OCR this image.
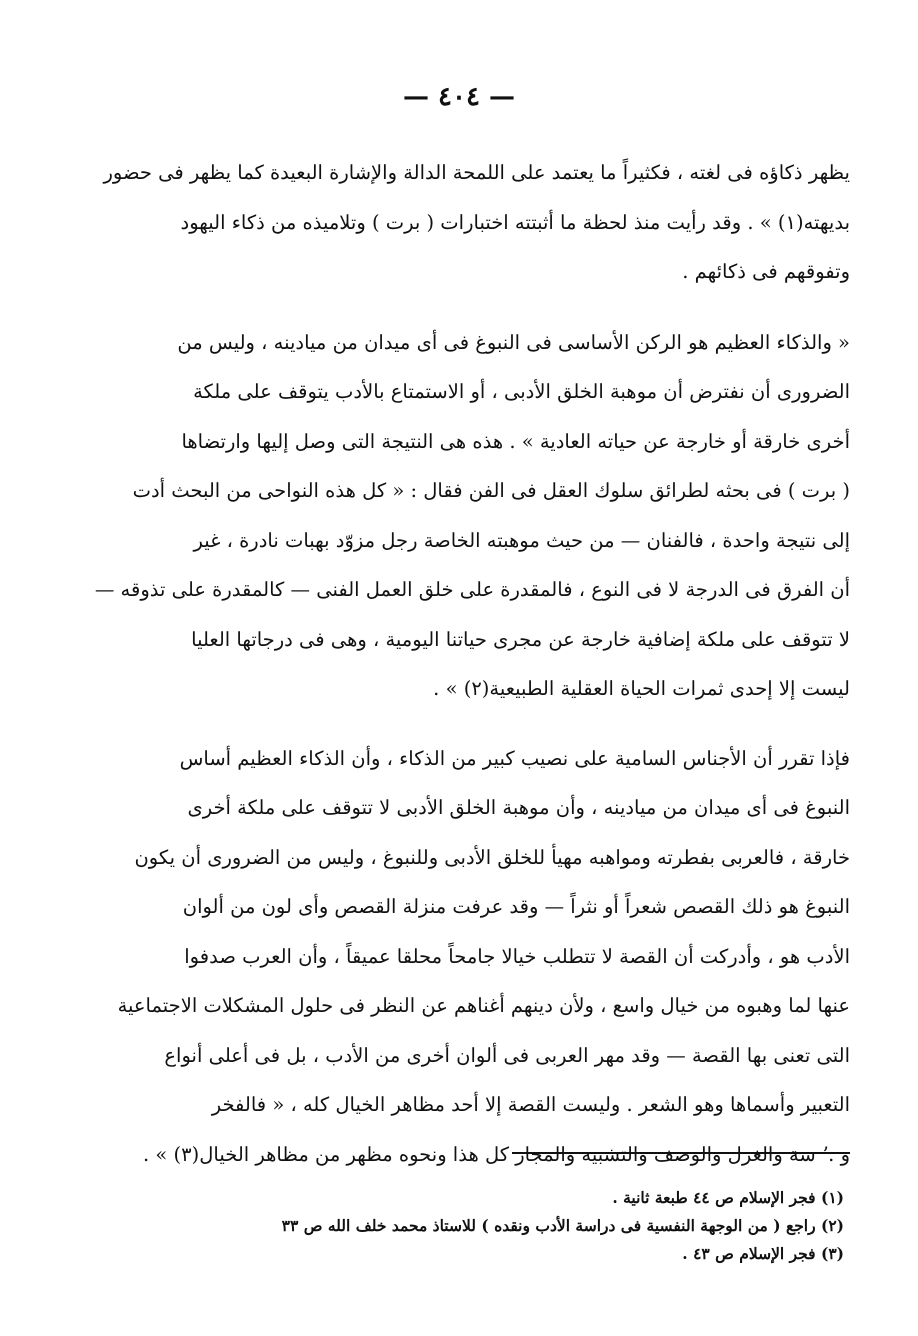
— ٤٠٤ —

يظهر ذكاؤه فى لغته ، فكثيراً ما يعتمد على اللمحة الدالة والإشارة البعيدة كما يظهر فى حضور
بديهته(١) » . وقد رأيت منذ لحظة ما أثبتته اختبارات ( برت ) وتلاميذه من ذكاء اليهود
وتفوقهم فى ذكائهم .

« والذكاء العظيم هو الركن الأساسى فى النبوغ فى أى ميدان من ميادينه ، وليس من
الضرورى أن نفترض أن موهبة الخلق الأدبى ، أو الاستمتاع بالأدب يتوقف على ملكة
أخرى خارقة أو خارجة عن حياته العادية » . هذه هى النتيجة التى وصل إليها وارتضاها
( برت ) فى بحثه لطرائق سلوك العقل فى الفن فقال : « كل هذه النواحى من البحث أدت
إلى نتيجة واحدة ، فالفنان — من حيث موهبته الخاصة رجل مزوّد بهبات نادرة ، غير
أن الفرق فى الدرجة لا فى النوع ، فالمقدرة على خلق العمل الفنى — كالمقدرة على تذوقه —
لا تتوقف على ملكة إضافية خارجة عن مجرى حياتنا اليومية ، وهى فى درجاتها العليا
ليست إلا إحدى ثمرات الحياة العقلية الطبيعية(٢) » .

فإذا تقرر أن الأجناس السامية على نصيب كبير من الذكاء ، وأن الذكاء العظيم أساس
النبوغ فى أى ميدان من ميادينه ، وأن موهبة الخلق الأدبى لا تتوقف على ملكة أخرى
خارقة ، فالعربى بفطرته ومواهبه مهيأ للخلق الأدبى وللنبوغ ، وليس من الضرورى أن يكون
النبوغ هو ذلك القصص شعراً أو نثراً — وقد عرفت منزلة القصص وأى لون من ألوان
الأدب هو ، وأدركت أن القصة لا تتطلب خيالا جامحاً محلقا عميقاً ، وأن العرب صدفوا
عنها لما وهبوه من خيال واسع ، ولأن دينهم أغناهم عن النظر فى حلول المشكلات الاجتماعية
التى تعنى بها القصة — وقد مهر العربى فى ألوان أخرى من الأدب ، بل فى أعلى أنواع
التعبير وأسماها وهو الشعر . وليست القصة إلا أحد مظاهر الخيال كله ، « فالفخر
و .ʼ سة والغزل والوصف والتشبيه والمجاز كل هذا ونحوه مظهر من مظاهر الخيال(٣) » .

(١) فجر الإسلام ص ٤٤ طبعة ثانية .
(٢) راجع ( من الوجهة النفسية فى دراسة الأدب ونقده ) للاستاذ محمد خلف الله ص ٣٣
(٣) فجر الإسلام ص ٤٣ .
